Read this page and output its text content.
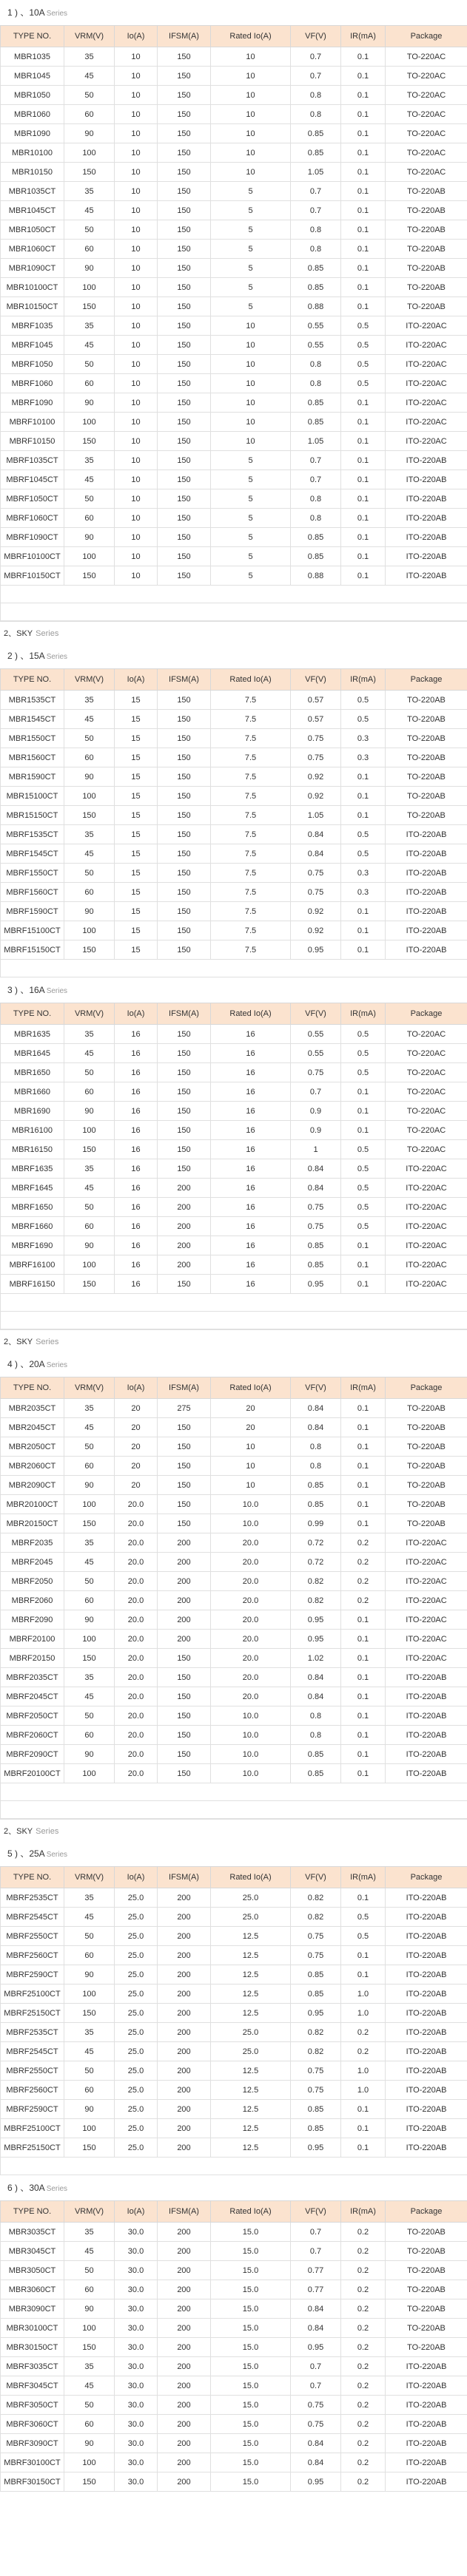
1 ) 、10A Series
TYPE NO.	VRM(V)	Io(A)	IFSM(A)	Rated Io(A)	VF(V)	IR(mA)	Package
MBR1035	35	10	150	10	0.7	0.1	TO-220AC
MBR1045	45	10	150	10	0.7	0.1	TO-220AC
MBR1050	50	10	150	10	0.8	0.1	TO-220AC
MBR1060	60	10	150	10	0.8	0.1	TO-220AC
MBR1090	90	10	150	10	0.85	0.1	TO-220AC
MBR10100	100	10	150	10	0.85	0.1	TO-220AC
MBR10150	150	10	150	10	1.05	0.1	TO-220AC
MBR1035CT	35	10	150	5	0.7	0.1	TO-220AB
MBR1045CT	45	10	150	5	0.7	0.1	TO-220AB
MBR1050CT	50	10	150	5	0.8	0.1	TO-220AB
MBR1060CT	60	10	150	5	0.8	0.1	TO-220AB
MBR1090CT	90	10	150	5	0.85	0.1	TO-220AB
MBR10100CT	100	10	150	5	0.85	0.1	TO-220AB
MBR10150CT	150	10	150	5	0.88	0.1	TO-220AB
MBRF1035	35	10	150	10	0.55	0.5	ITO-220AC
MBRF1045	45	10	150	10	0.55	0.5	ITO-220AC
MBRF1050	50	10	150	10	0.8	0.5	ITO-220AC
MBRF1060	60	10	150	10	0.8	0.5	ITO-220AC
MBRF1090	90	10	150	10	0.85	0.1	ITO-220AC
MBRF10100	100	10	150	10	0.85	0.1	ITO-220AC
MBRF10150	150	10	150	10	1.05	0.1	ITO-220AC
MBRF1035CT	35	10	150	5	0.7	0.1	ITO-220AB
MBRF1045CT	45	10	150	5	0.7	0.1	ITO-220AB
MBRF1050CT	50	10	150	5	0.8	0.1	ITO-220AB
MBRF1060CT	60	10	150	5	0.8	0.1	ITO-220AB
MBRF1090CT	90	10	150	5	0.85	0.1	ITO-220AB
MBRF10100CT	100	10	150	5	0.85	0.1	ITO-220AB
MBRF10150CT	150	10	150	5	0.88	0.1	ITO-220AB

2、SKY Series
2 ) 、15A Series
TYPE NO.	VRM(V)	Io(A)	IFSM(A)	Rated Io(A)	VF(V)	IR(mA)	Package
MBR1535CT	35	15	150	7.5	0.57	0.5	TO-220AB
MBR1545CT	45	15	150	7.5	0.57	0.5	TO-220AB
MBR1550CT	50	15	150	7.5	0.75	0.3	TO-220AB
MBR1560CT	60	15	150	7.5	0.75	0.3	TO-220AB
MBR1590CT	90	15	150	7.5	0.92	0.1	TO-220AB
MBR15100CT	100	15	150	7.5	0.92	0.1	TO-220AB
MBR15150CT	150	15	150	7.5	1.05	0.1	TO-220AB
MBRF1535CT	35	15	150	7.5	0.84	0.5	ITO-220AB
MBRF1545CT	45	15	150	7.5	0.84	0.5	ITO-220AB
MBRF1550CT	50	15	150	7.5	0.75	0.3	ITO-220AB
MBRF1560CT	60	15	150	7.5	0.75	0.3	ITO-220AB
MBRF1590CT	90	15	150	7.5	0.92	0.1	ITO-220AB
MBRF15100CT	100	15	150	7.5	0.92	0.1	ITO-220AB
MBRF15150CT	150	15	150	7.5	0.95	0.1	ITO-220AB

3 ) 、16A Series
TYPE NO.	VRM(V)	Io(A)	IFSM(A)	Rated Io(A)	VF(V)	IR(mA)	Package
MBR1635	35	16	150	16	0.55	0.5	TO-220AC
MBR1645	45	16	150	16	0.55	0.5	TO-220AC
MBR1650	50	16	150	16	0.75	0.5	TO-220AC
MBR1660	60	16	150	16	0.7	0.1	TO-220AC
MBR1690	90	16	150	16	0.9	0.1	TO-220AC
MBR16100	100	16	150	16	0.9	0.1	TO-220AC
MBR16150	150	16	150	16	1	0.5	TO-220AC
MBRF1635	35	16	150	16	0.84	0.5	ITO-220AC
MBRF1645	45	16	200	16	0.84	0.5	ITO-220AC
MBRF1650	50	16	200	16	0.75	0.5	ITO-220AC
MBRF1660	60	16	200	16	0.75	0.5	ITO-220AC
MBRF1690	90	16	200	16	0.85	0.1	ITO-220AC
MBRF16100	100	16	200	16	0.85	0.1	ITO-220AC
MBRF16150	150	16	150	16	0.95	0.1	ITO-220AC

2、SKY Series
4 ) 、20A Series
TYPE NO.	VRM(V)	Io(A)	IFSM(A)	Rated Io(A)	VF(V)	IR(mA)	Package
MBR2035CT	35	20	275	20	0.84	0.1	TO-220AB
MBR2045CT	45	20	150	20	0.84	0.1	TO-220AB
MBR2050CT	50	20	150	10	0.8	0.1	TO-220AB
MBR2060CT	60	20	150	10	0.8	0.1	TO-220AB
MBR2090CT	90	20	150	10	0.85	0.1	TO-220AB
MBR20100CT	100	20.0	150	10.0	0.85	0.1	TO-220AB
MBR20150CT	150	20.0	150	10.0	0.99	0.1	TO-220AB
MBRF2035	35	20.0	200	20.0	0.72	0.2	ITO-220AC
MBRF2045	45	20.0	200	20.0	0.72	0.2	ITO-220AC
MBRF2050	50	20.0	200	20.0	0.82	0.2	ITO-220AC
MBRF2060	60	20.0	200	20.0	0.82	0.2	ITO-220AC
MBRF2090	90	20.0	200	20.0	0.95	0.1	ITO-220AC
MBRF20100	100	20.0	200	20.0	0.95	0.1	ITO-220AC
MBRF20150	150	20.0	150	20.0	1.02	0.1	ITO-220AC
MBRF2035CT	35	20.0	150	20.0	0.84	0.1	ITO-220AB
MBRF2045CT	45	20.0	150	20.0	0.84	0.1	ITO-220AB
MBRF2050CT	50	20.0	150	10.0	0.8	0.1	ITO-220AB
MBRF2060CT	60	20.0	150	10.0	0.8	0.1	ITO-220AB
MBRF2090CT	90	20.0	150	10.0	0.85	0.1	ITO-220AB
MBRF20100CT	100	20.0	150	10.0	0.85	0.1	ITO-220AB

2、SKY Series
5 ) 、25A Series
TYPE NO.	VRM(V)	Io(A)	IFSM(A)	Rated Io(A)	VF(V)	IR(mA)	Package
MBRF2535CT	35	25.0	200	25.0	0.82	0.1	ITO-220AB
MBRF2545CT	45	25.0	200	25.0	0.82	0.5	ITO-220AB
MBRF2550CT	50	25.0	200	12.5	0.75	0.5	ITO-220AB
MBRF2560CT	60	25.0	200	12.5	0.75	0.1	ITO-220AB
MBRF2590CT	90	25.0	200	12.5	0.85	0.1	ITO-220AB
MBRF25100CT	100	25.0	200	12.5	0.85	1.0	ITO-220AB
MBRF25150CT	150	25.0	200	12.5	0.95	1.0	ITO-220AB
MBRF2535CT	35	25.0	200	25.0	0.82	0.2	ITO-220AB
MBRF2545CT	45	25.0	200	25.0	0.82	0.2	ITO-220AB
MBRF2550CT	50	25.0	200	12.5	0.75	1.0	ITO-220AB
MBRF2560CT	60	25.0	200	12.5	0.75	1.0	ITO-220AB
MBRF2590CT	90	25.0	200	12.5	0.85	0.1	ITO-220AB
MBRF25100CT	100	25.0	200	12.5	0.85	0.1	ITO-220AB
MBRF25150CT	150	25.0	200	12.5	0.95	0.1	ITO-220AB

6 ) 、30A Series
TYPE NO.	VRM(V)	Io(A)	IFSM(A)	Rated Io(A)	VF(V)	IR(mA)	Package
MBR3035CT	35	30.0	200	15.0	0.7	0.2	TO-220AB
MBR3045CT	45	30.0	200	15.0	0.7	0.2	TO-220AB
MBR3050CT	50	30.0	200	15.0	0.77	0.2	TO-220AB
MBR3060CT	60	30.0	200	15.0	0.77	0.2	TO-220AB
MBR3090CT	90	30.0	200	15.0	0.84	0.2	TO-220AB
MBR30100CT	100	30.0	200	15.0	0.84	0.2	TO-220AB
MBR30150CT	150	30.0	200	15.0	0.95	0.2	TO-220AB
MBRF3035CT	35	30.0	200	15.0	0.7	0.2	ITO-220AB
MBRF3045CT	45	30.0	200	15.0	0.7	0.2	ITO-220AB
MBRF3050CT	50	30.0	200	15.0	0.75	0.2	ITO-220AB
MBRF3060CT	60	30.0	200	15.0	0.75	0.2	ITO-220AB
MBRF3090CT	90	30.0	200	15.0	0.84	0.2	ITO-220AB
MBRF30100CT	100	30.0	200	15.0	0.84	0.2	ITO-220AB
MBRF30150CT	150	30.0	200	15.0	0.95	0.2	ITO-220AB
